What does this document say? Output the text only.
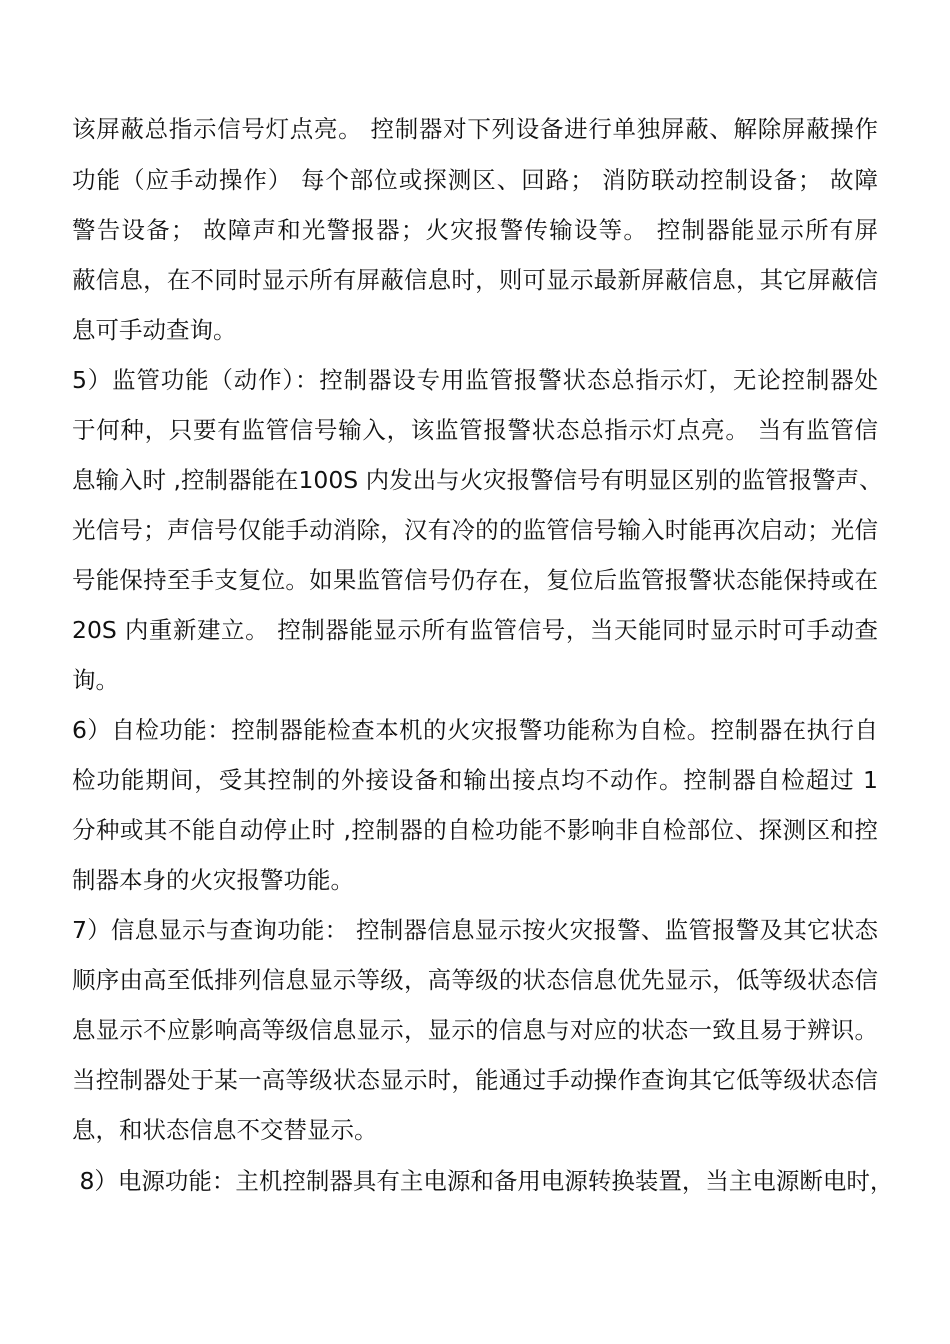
该屏蔽总指示信号灯点亮。 控制器对下列设备进行单独屏蔽、解除屏蔽操作
功能（应手动操作） 每个部位或探测区、回路； 消防联动控制设备； 故障
警告设备； 故障声和光警报器；火灾报警传输设等。 控制器能显示所有屏
蔽信息，在不同时显示所有屏蔽信息时，则可显示最新屏蔽信息，其它屏蔽信
息可手动查询。
5）监管功能（动作）：控制器设专用监管报警状态总指示灯，无论控制器处
于何种，只要有监管信号输入，该监管报警状态总指示灯点亮。 当有监管信
息输入时 ,控制器能在100S 内发出与火灾报警信号有明显区别的监管报警声、
光信号；声信号仅能手动消除，汉有冷的的监管信号输入时能再次启动；光信
号能保持至手支复位。如果监管信号仍存在，复位后监管报警状态能保持或在
20S 内重新建立。 控制器能显示所有监管信号，当天能同时显示时可手动查
询。
6）自检功能：控制器能检查本机的火灾报警功能称为自检。控制器在执行自
检功能期间，受其控制的外接设备和输出接点均不动作。控制器自检超过 1
分种或其不能自动停止时 ,控制器的自检功能不影响非自检部位、探测区和控
制器本身的火灾报警功能。
7）信息显示与查询功能： 控制器信息显示按火灾报警、监管报警及其它状态
顺序由高至低排列信息显示等级，高等级的状态信息优先显示，低等级状态信
息显示不应影响高等级信息显示，显示的信息与对应的状态一致且易于辨识。
当控制器处于某一高等级状态显示时，能通过手动操作查询其它低等级状态信
息，和状态信息不交替显示。
8）电源功能：主机控制器具有主电源和备用电源转换装置，当主电源断电时，
